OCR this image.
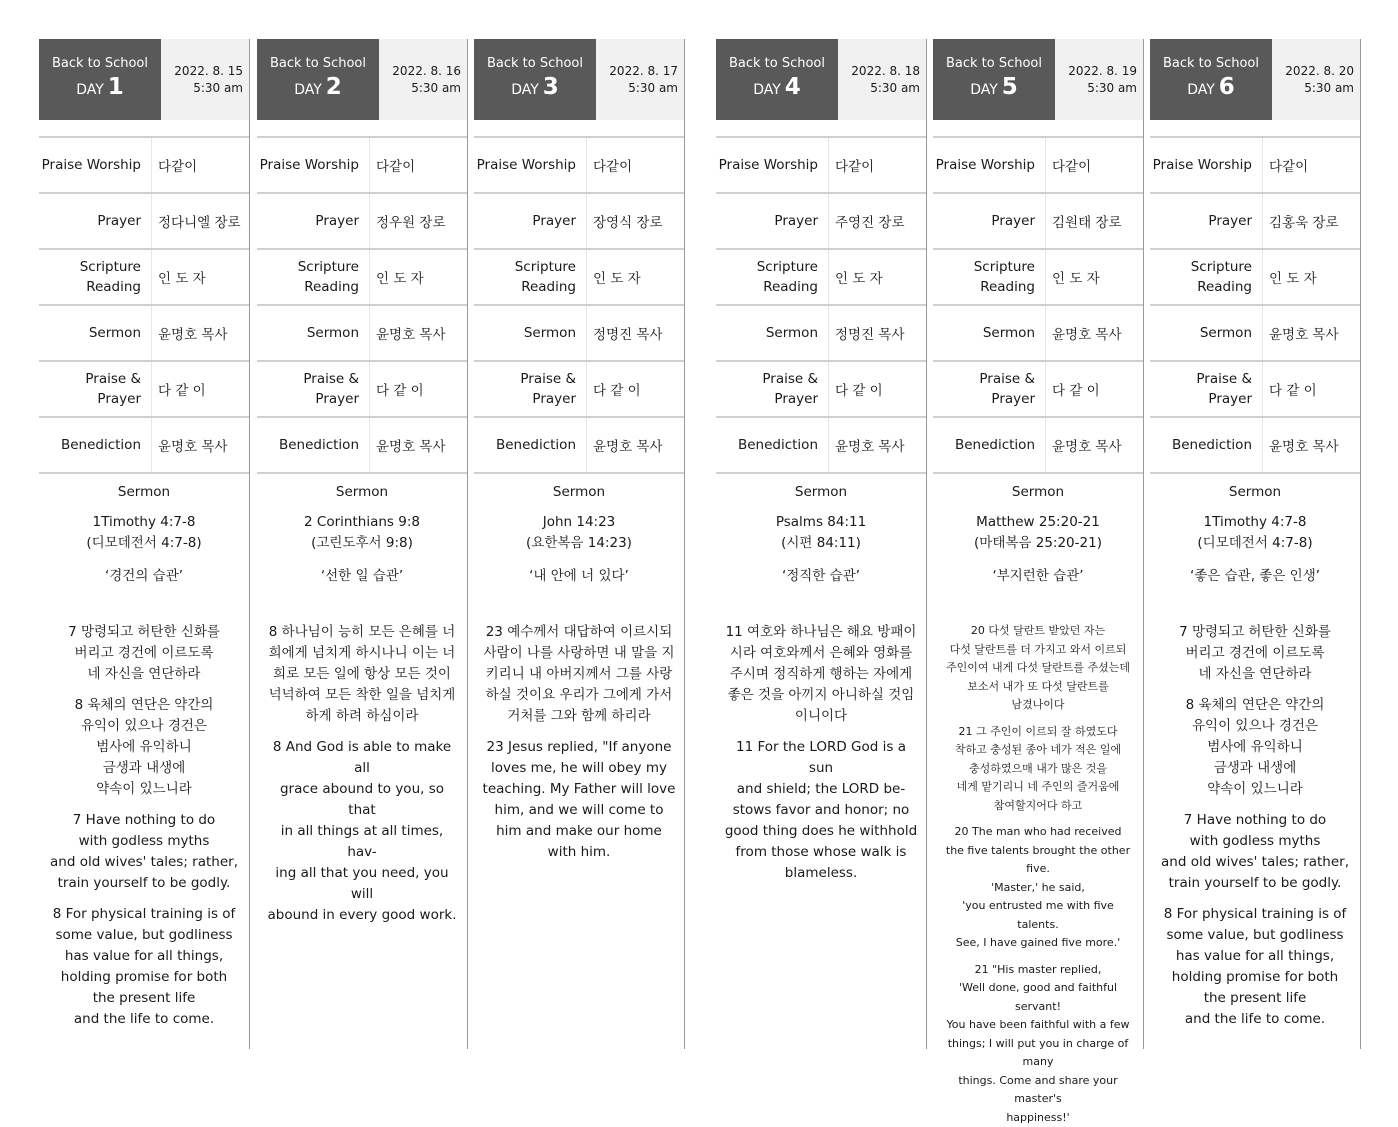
Back to School
DAY 1
2022. 8. 15
5:30 am
Praise Worship	다같이
Prayer	정다니엘 장로
Scripture
Reading	인 도 자
Sermon	윤명호 목사
Praise & Prayer	다 같 이
Benediction	윤명호 목사
Sermon
1Timothy 4:7-8
(디모데전서 4:7-8)
‘경건의 습관’
7 망령되고 허탄한 신화를
버리고 경건에 이르도록
네 자신을 연단하라
8 육체의 연단은 약간의
유익이 있으나 경건은
범사에 유익하니
금생과 내생에
약속이 있느니라
7 Have nothing to do
with godless myths
and old wives' tales; rather,
train yourself to be godly.
8 For physical training is of
some value, but godliness
has value for all things,
holding promise for both
the present life
and the life to come.
Back to School
DAY 2
2022. 8. 16
5:30 am
Praise Worship	다같이
Prayer	정우원 장로
Scripture
Reading	인 도 자
Sermon	윤명호 목사
Praise & Prayer	다 같 이
Benediction	윤명호 목사
Sermon
2 Corinthians 9:8
(고린도후서 9:8)
‘선한 일 습관’
8 하나님이 능히 모든 은혜를 너
희에게 넘치게 하시나니 이는 너
희로 모든 일에 항상 모든 것이
넉넉하여 모든 착한 일을 넘치게
하게 하려 하심이라
8 And God is able to make all
grace abound to you, so that
in all things at all times, hav-
ing all that you need, you will
abound in every good work.
Back to School
DAY 3
2022. 8. 17
5:30 am
Praise Worship	다같이
Prayer	장영식 장로
Scripture
Reading	인 도 자
Sermon	정명진 목사
Praise & Prayer	다 같 이
Benediction	윤명호 목사
Sermon
John 14:23
(요한복음 14:23)
‘내 안에 너 있다’
23 예수께서 대답하여 이르시되
사람이 나를 사랑하면 내 말을 지
키리니 내 아버지께서 그를 사랑
하실 것이요 우리가 그에게 가서
거처를 그와 함께 하리라
23 Jesus replied, "If anyone
loves me, he will obey my
teaching. My Father will love
him, and we will come to
him and make our home
with him.
Back to School
DAY 4
2022. 8. 18
5:30 am
Praise Worship	다같이
Prayer	주영진 장로
Scripture
Reading	인 도 자
Sermon	정명진 목사
Praise & Prayer	다 같 이
Benediction	윤명호 목사
Sermon
Psalms 84:11
(시편 84:11)
‘정직한 습관’
11 여호와 하나님은 해요 방패이
시라 여호와께서 은혜와 영화를
주시며 정직하게 행하는 자에게
좋은 것을 아끼지 아니하실 것임
이니이다
11 For the LORD God is a sun
and shield; the LORD be-
stows favor and honor; no
good thing does he withhold
from those whose walk is
blameless.
Back to School
DAY 5
2022. 8. 19
5:30 am
Praise Worship	다같이
Prayer	김원태 장로
Scripture
Reading	인 도 자
Sermon	윤명호 목사
Praise & Prayer	다 같 이
Benediction	윤명호 목사
Sermon
Matthew 25:20-21
(마태복음 25:20-21)
‘부지런한 습관’
20 다섯 달란트 받았던 자는
다섯 달란트를 더 가지고 와서 이르되
주인이여 내게 다섯 달란트를 주셨는데
보소서 내가 또 다섯 달란트를
남겼나이다
21 그 주인이 이르되 잘 하였도다
착하고 충성된 종아 네가 적은 일에
충성하였으매 내가 많은 것을
네게 맡기리니 네 주인의 즐거움에
참여할지어다 하고
20 The man who had received
the five talents brought the other five.
'Master,' he said,
'you entrusted me with five talents.
See, I have gained five more.'
21 "His master replied,
'Well done, good and faithful servant!
You have been faithful with a few
things; I will put you in charge of many
things. Come and share your master's
happiness!'
Back to School
DAY 6
2022. 8. 20
5:30 am
Praise Worship	다같이
Prayer	김홍욱 장로
Scripture
Reading	인 도 자
Sermon	윤명호 목사
Praise & Prayer	다 같 이
Benediction	윤명호 목사
Sermon
1Timothy 4:7-8
(디모데전서 4:7-8)
‘좋은 습관, 좋은 인생’
7 망령되고 허탄한 신화를
버리고 경건에 이르도록
네 자신을 연단하라
8 육체의 연단은 약간의
유익이 있으나 경건은
범사에 유익하니
금생과 내생에
약속이 있느니라
7 Have nothing to do
with godless myths
and old wives' tales; rather,
train yourself to be godly.
8 For physical training is of
some value, but godliness
has value for all things,
holding promise for both
the present life
and the life to come.
